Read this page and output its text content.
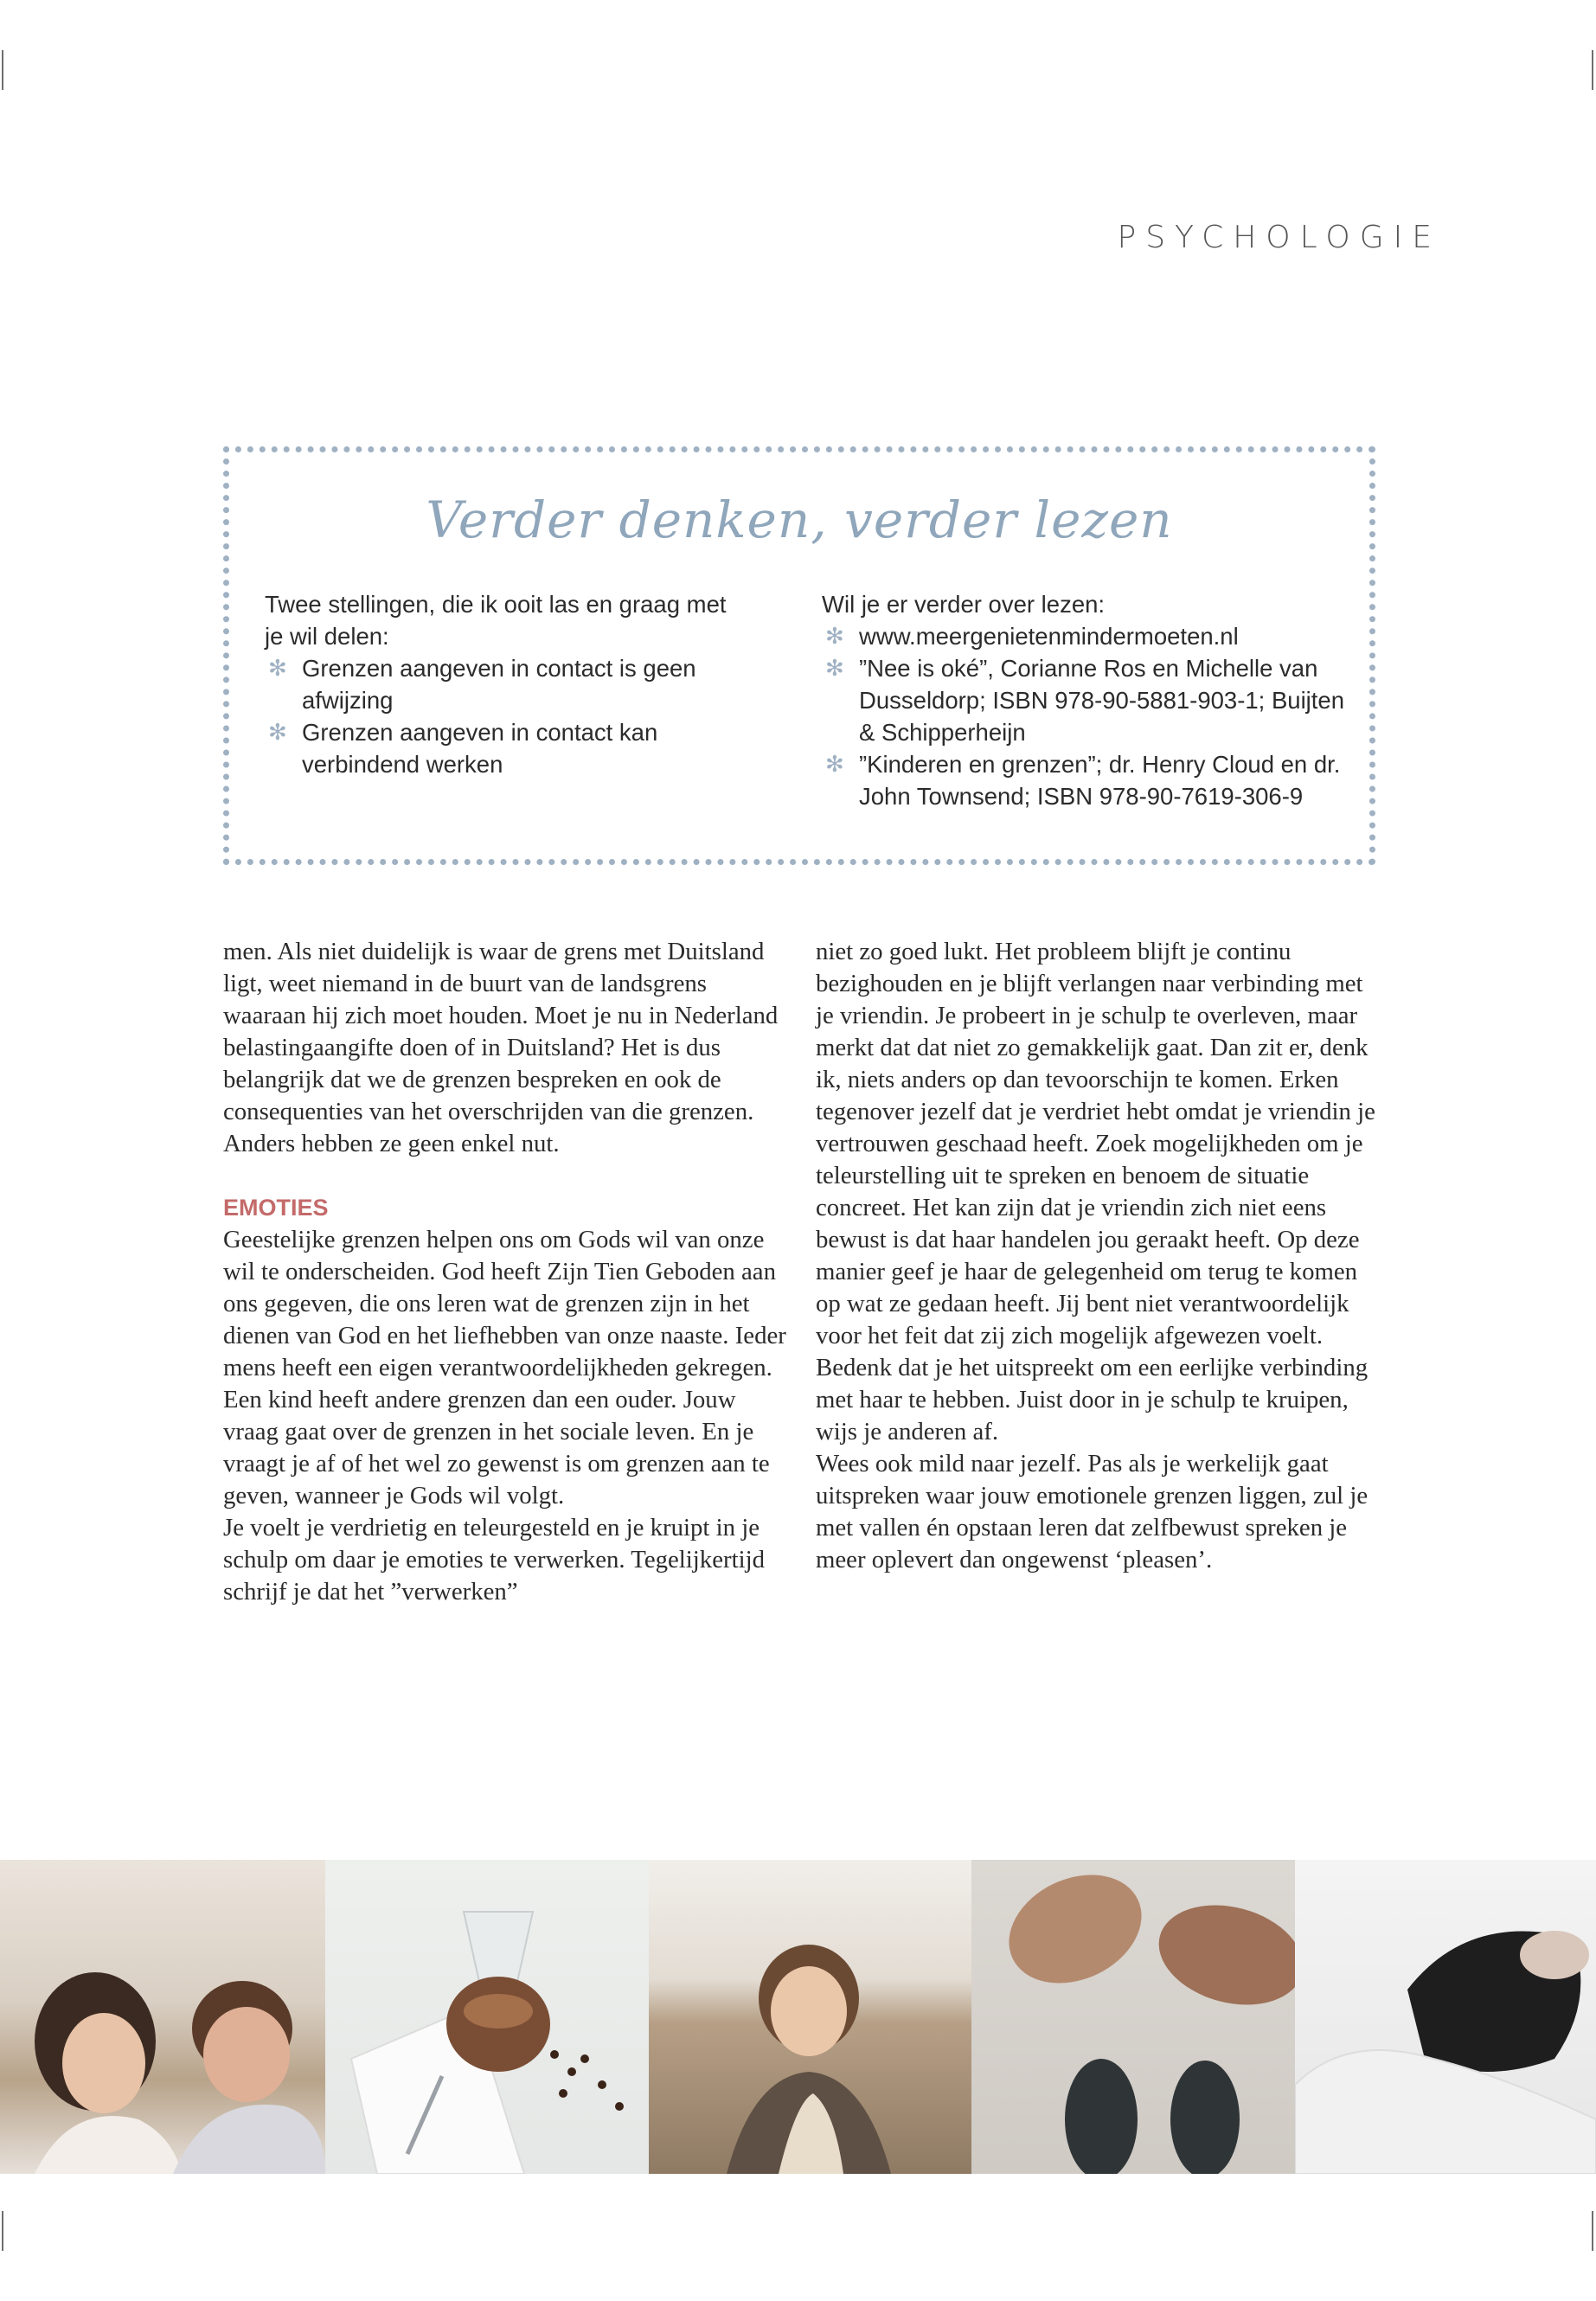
PSYCHOLOGIE
Verder denken, verder lezen
Twee stellingen, die ik ooit las en graag met je wil delen:
✻ Grenzen aangeven in contact is geen afwijzing
✻ Grenzen aangeven in contact kan verbindend werken
Wil je er verder over lezen:
✻ www.meergenietenmindermoeten.nl
✻ ”Nee is oké”, Corianne Ros en Michelle van Dusseldorp; ISBN 978-90-5881-903-1; Buijten & Schipperheijn
✻ ”Kinderen en grenzen”; dr. Henry Cloud en dr. John Townsend; ISBN 978-90-7619-306-9

men. Als niet duidelijk is waar de grens met Duitsland ligt, weet niemand in de buurt van de landsgrens waaraan hij zich moet houden. Moet je nu in Nederland belastingaangifte doen of in Duitsland? Het is dus belangrijk dat we de grenzen bespreken en ook de consequenties van het overschrijden van die grenzen. Anders hebben ze geen enkel nut.

EMOTIES

Geestelijke grenzen helpen ons om Gods wil van onze wil te onderscheiden. God heeft Zijn Tien Geboden aan ons gegeven, die ons leren wat de grenzen zijn in het dienen van God en het liefhebben van onze naaste. Ieder mens heeft een eigen verantwoordelijkheden gekregen. Een kind heeft andere grenzen dan een ouder. Jouw vraag gaat over de grenzen in het sociale leven. En je vraagt je af of het wel zo gewenst is om grenzen aan te geven, wanneer je Gods wil volgt.

Je voelt je verdrietig en teleurgesteld en je kruipt in je schulp om daar je emoties te verwerken. Tegelijkertijd schrijf je dat het ”verwerken”

niet zo goed lukt. Het probleem blijft je continu bezighouden en je blijft verlangen naar verbinding met je vriendin. Je probeert in je schulp te overleven, maar merkt dat dat niet zo gemakkelijk gaat. Dan zit er, denk ik, niets anders op dan tevoorschijn te komen. Erken tegenover jezelf dat je verdriet hebt omdat je vriendin je vertrouwen geschaad heeft. Zoek mogelijkheden om je teleurstelling uit te spreken en benoem de situatie concreet. Het kan zijn dat je vriendin zich niet eens bewust is dat haar handelen jou geraakt heeft. Op deze manier geef je haar de gelegenheid om terug te komen op wat ze gedaan heeft. Jij bent niet verantwoordelijk voor het feit dat zij zich mogelijk afgewezen voelt. Bedenk dat je het uitspreekt om een eerlijke verbinding met haar te hebben. Juist door in je schulp te kruipen, wijs je anderen af.

Wees ook mild naar jezelf. Pas als je werkelijk gaat uitspreken waar jouw emotionele grenzen liggen, zul je met vallen én opstaan leren dat zelfbewust spreken je meer oplevert dan ongewenst ‘pleasen’.
